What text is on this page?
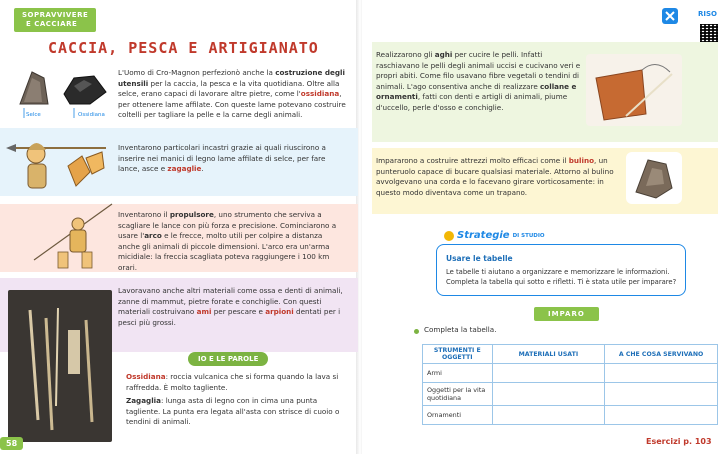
SOPRAVVIVERE
E CACCIARE
CACCIA, PESCA E ARTIGIANATO
Selce	Ossidiana
L'Uomo di Cro-Magnon perfezionò anche la costruzione degli utensili per la caccia, la pesca e la vita quotidiana. Oltre alla selce, erano capaci di lavorare altre pietre, come l'ossidiana, per ottenere lame affilate. Con queste lame potevano costruire coltelli per tagliare la pelle e la carne degli animali.
Inventarono particolari incastri grazie ai quali riuscirono a inserire nei manici di legno lame affilate di selce, per fare lance, asce e zagaglie.
Inventarono il propulsore, uno strumento che serviva a scagliare le lance con più forza e precisione. Cominciarono a usare l'arco e le frecce, molto utili per colpire a distanza anche gli animali di piccole dimensioni. L'arco era un'arma micidiale: la freccia scagliata poteva raggiungere i 100 km orari.
Lavoravano anche altri materiali come ossa e denti di animali, zanne di mammut, pietre forate e conchiglie. Con questi materiali costruivano ami per pescare e arpioni dentati per i pesci più grossi.
IO E LE PAROLE
Ossidiana: roccia vulcanica che si forma quando la lava si raffredda. È molto tagliente.
Zagaglia: lunga asta di legno con in cima una punta tagliente. La punta era legata all'asta con strisce di cuoio o tendini di animali.
58
RISO
Realizzarono gli aghi per cucire le pelli. Infatti raschiavano le pelli degli animali uccisi e cucivano veri e propri abiti. Come filo usavano fibre vegetali o tendini di animali. L'ago consentiva anche di realizzare collane e ornamenti, fatti con denti e artigli di animali, piume d'uccello, perle d'osso e conchiglie.
Impararono a costruire attrezzi molto efficaci come il bulino, un punteruolo capace di bucare qualsiasi materiale. Attorno al bulino avvolgevano una corda e lo facevano girare vorticosamente: in questo modo diventava come un trapano.
Strategie DI STUDIO
Usare le tabelle
Le tabelle ti aiutano a organizzare e memorizzare le informazioni. Completa la tabella qui sotto e rifletti. Ti è stata utile per imparare?
IMPARO
Completa la tabella.
STRUMENTI E OGGETTI	MATERIALI USATI	A CHE COSA SERVIVANO
Armi		
Oggetti per la vita quotidiana		
Ornamenti		
Esercizi p. 103
